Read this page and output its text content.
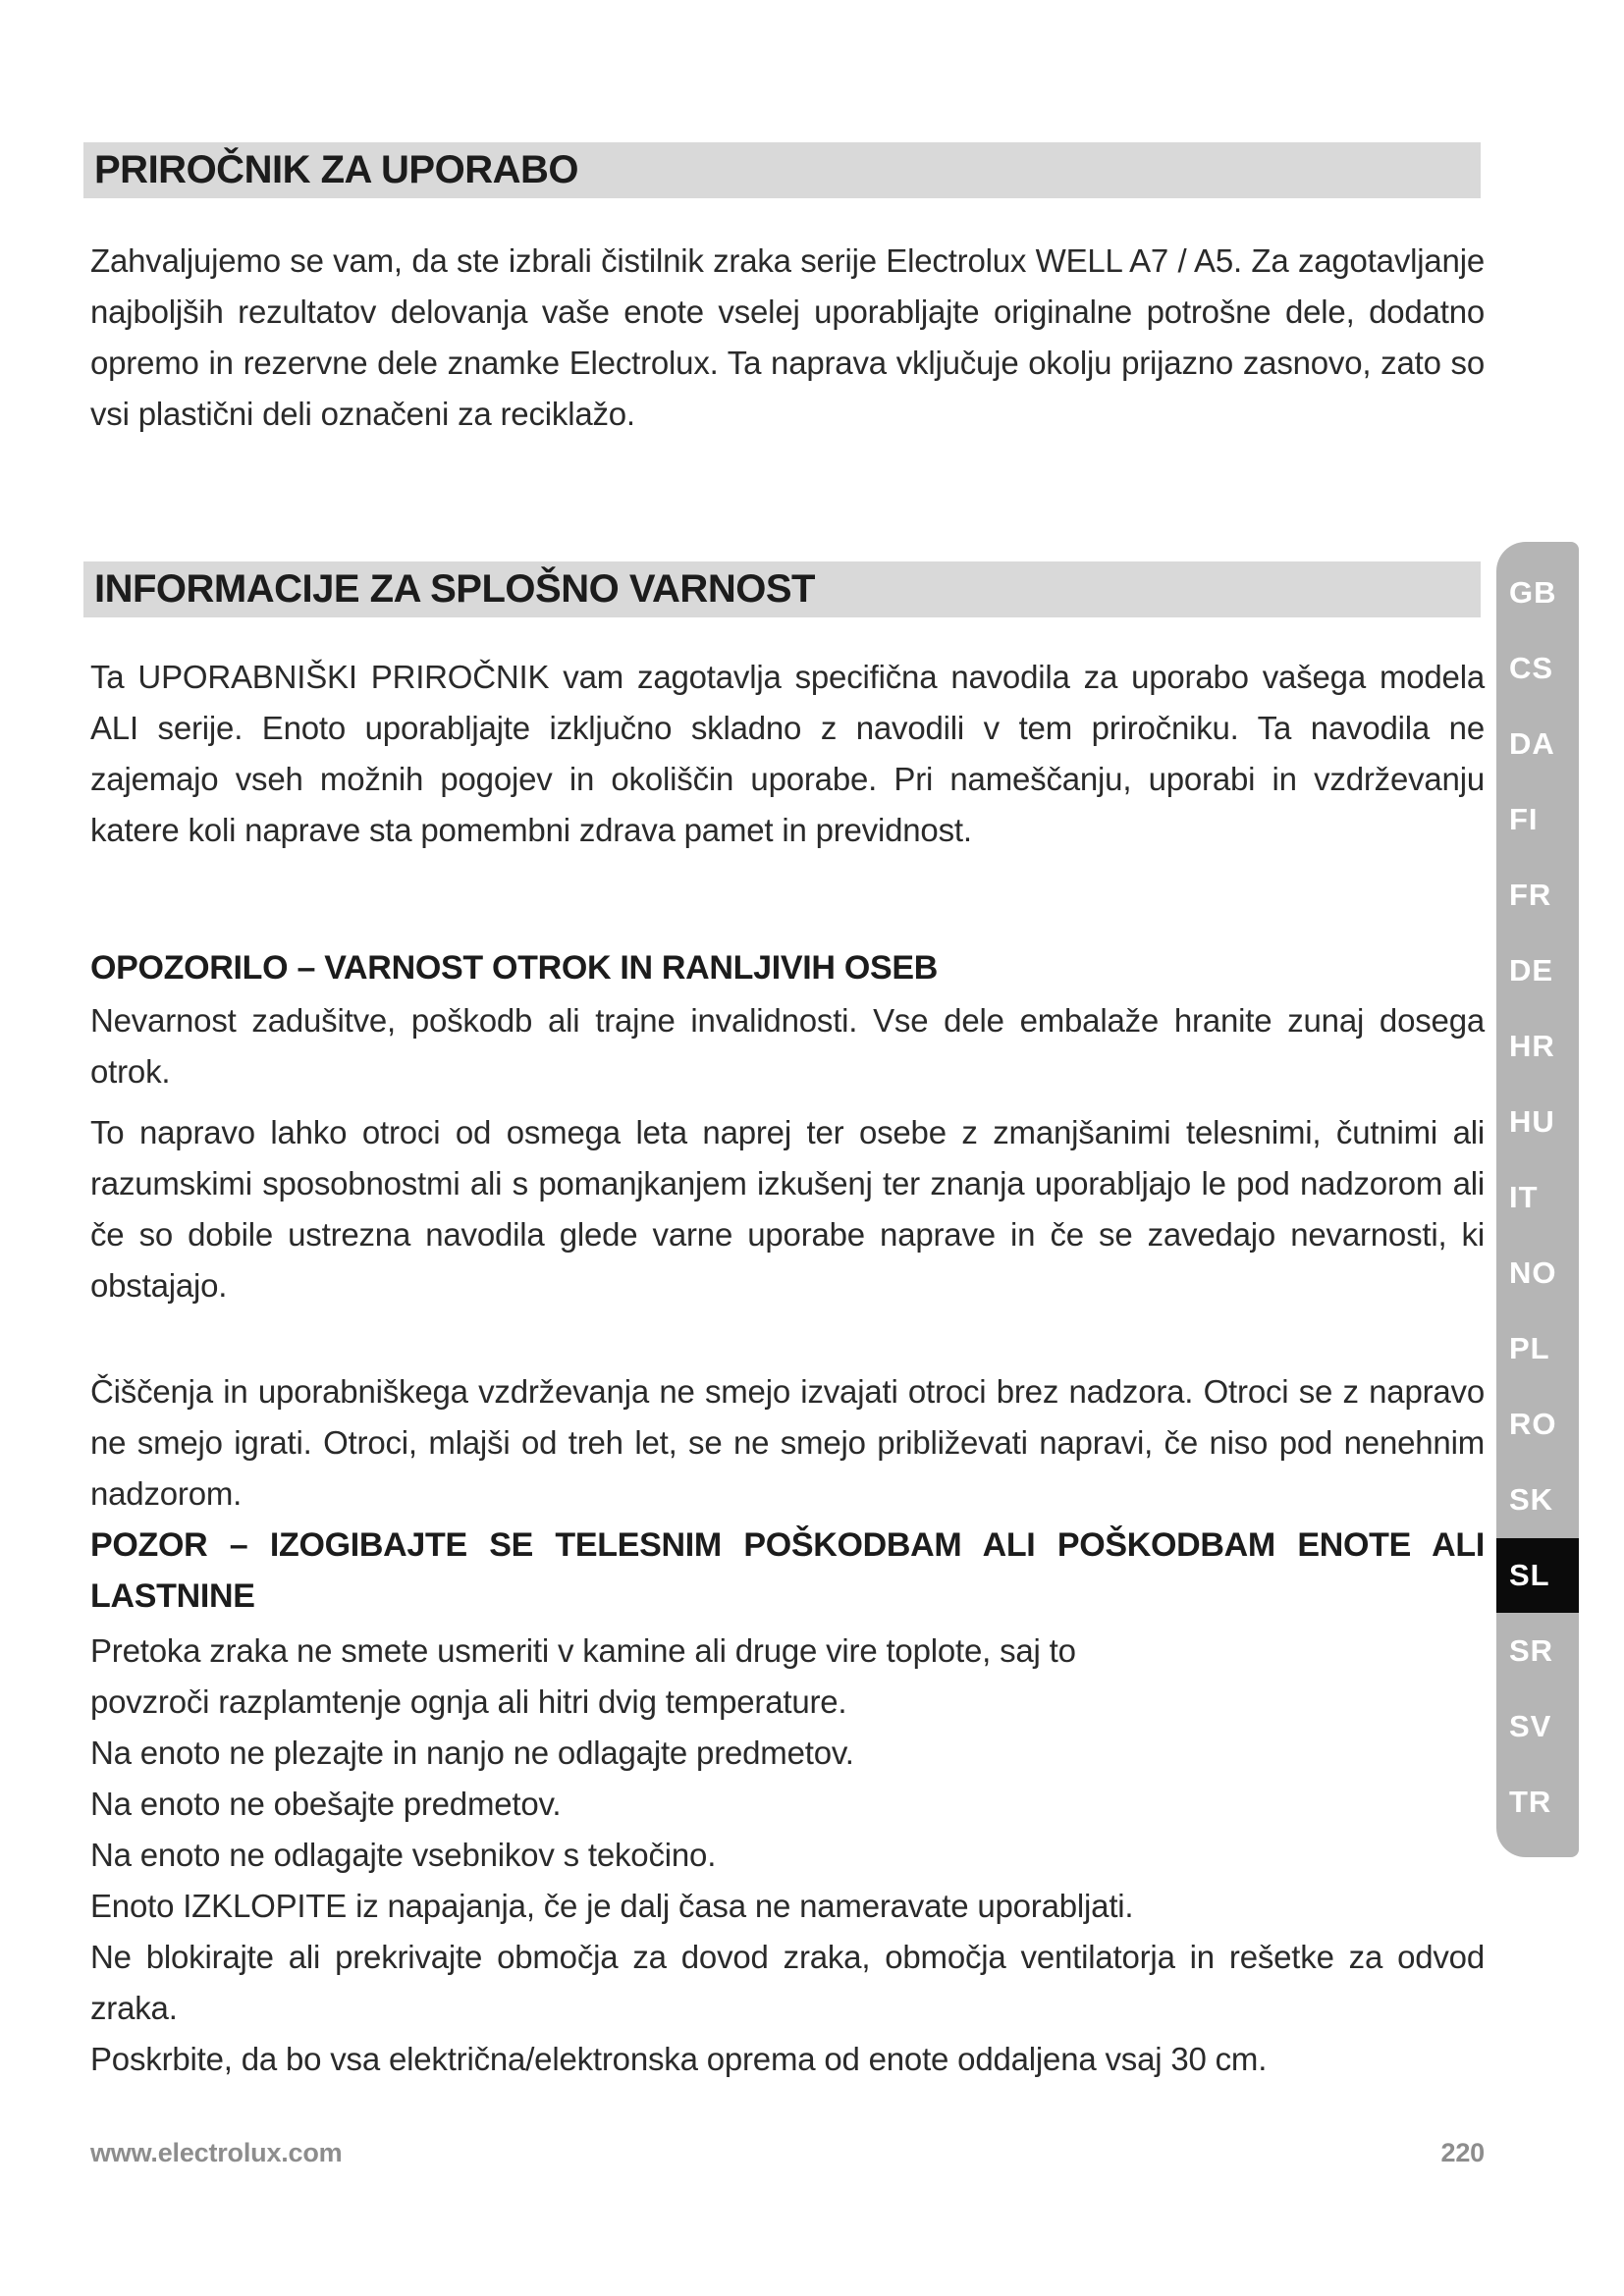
PRIROČNIK ZA UPORABO
Zahvaljujemo se vam, da ste izbrali čistilnik zraka serije Electrolux WELL A7 / A5. Za zagotavljanje najboljših rezultatov delovanja vaše enote vselej uporabljajte originalne potrošne dele, dodatno opremo in rezervne dele znamke Electrolux. Ta naprava vključuje okolju prijazno zasnovo, zato so vsi plastični deli označeni za reciklažo.
INFORMACIJE ZA SPLOŠNO VARNOST
Ta UPORABNIŠKI PRIROČNIK vam zagotavlja specifična navodila za uporabo vašega modela ALI serije. Enoto uporabljajte izključno skladno z navodili v tem priročniku. Ta navodila ne zajemajo vseh možnih pogojev in okoliščin uporabe. Pri nameščanju, uporabi in vzdrževanju katere koli naprave sta pomembni zdrava pamet in previdnost.
OPOZORILO – VARNOST OTROK IN RANLJIVIH OSEB
Nevarnost zadušitve, poškodb ali trajne invalidnosti. Vse dele embalaže hranite zunaj dosega otrok.
To napravo lahko otroci od osmega leta naprej ter osebe z zmanjšanimi telesnimi, čutnimi ali razumskimi sposobnostmi ali s pomanjkanjem izkušenj ter znanja uporabljajo le pod nadzorom ali če so dobile ustrezna navodila glede varne uporabe naprave in če se zavedajo nevarnosti, ki obstajajo.
Čiščenja in uporabniškega vzdrževanja ne smejo izvajati otroci brez nadzora. Otroci se z napravo ne smejo igrati. Otroci, mlajši od treh let, se ne smejo približevati napravi, če niso pod nenehnim nadzorom.
POZOR – IZOGIBAJTE SE TELESNIM POŠKODBAM ALI POŠKODBAM ENOTE ALI LASTNINE
Pretoka zraka ne smete usmeriti v kamine ali druge vire toplote, saj to
povzroči razplamtenje ognja ali hitri dvig temperature.
Na enoto ne plezajte in nanjo ne odlagajte predmetov.
Na enoto ne obešajte predmetov.
Na enoto ne odlagajte vsebnikov s tekočino.
Enoto IZKLOPITE iz napajanja, če je dalj časa ne nameravate uporabljati.
Ne blokirajte ali prekrivajte območja za dovod zraka, območja ventilatorja in rešetke za odvod zraka.
Poskrbite, da bo vsa električna/elektronska oprema od enote oddaljena vsaj 30 cm.
GB
CS
DA
FI
FR
DE
HR
HU
IT
NO
PL
RO
SK
SL
SR
SV
TR
www.electrolux.com	220
